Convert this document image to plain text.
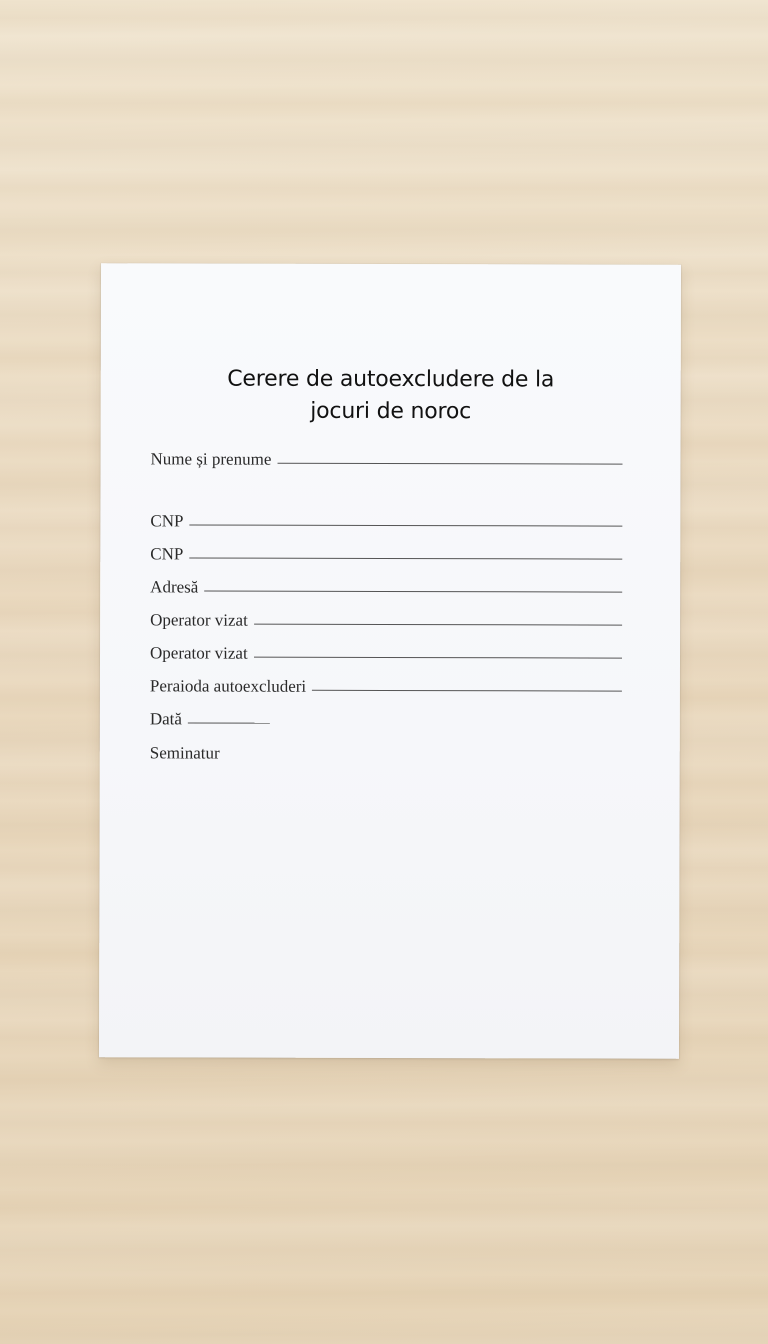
Cerere de autoexcludere de la
jocuri de noroc
Nume și prenume
CNP
CNP
Adresă
Operator vizat
Operator vizat
Peraioda autoexcluderi
Dată
Seminatur
